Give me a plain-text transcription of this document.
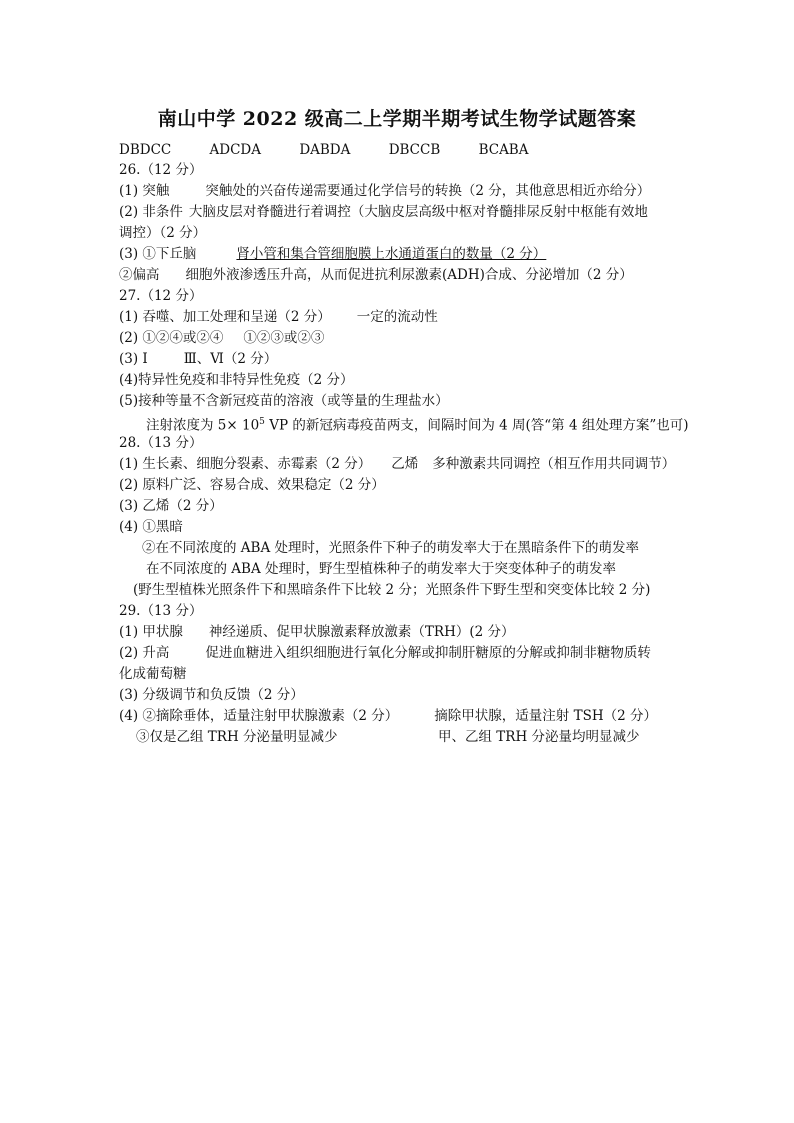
南山中学 2022 级高二上学期半期考试生物学试题答案
DBDCC	ADCDA	DABDA	DBCCB	BCABA
26.（12 分）
(1) 突触	突触处的兴奋传递需要通过化学信号的转换（2 分，其他意思相近亦给分）
(2) 非条件 大脑皮层对脊髓进行着调控（大脑皮层高级中枢对脊髓排尿反射中枢能有效地
调控）（2 分）
(3) ①下丘脑	肾小管和集合管细胞膜上水通道蛋白的数量（2 分）
②偏高 细胞外液渗透压升高，从而促进抗利尿激素(ADH)合成、分泌增加（2 分）
27.（12 分）
(1) 吞噬、加工处理和呈递（2 分） 一定的流动性
(2) ①②④或②④ ①②③或②③
(3) Ⅰ	Ⅲ、Ⅵ（2 分）
(4)特异性免疫和非特异性免疫（2 分）
(5)接种等量不含新冠疫苗的溶液（或等量的生理盐水）
注射浓度为 $5\times 10^5$ VP 的新冠病毒疫苗两支，间隔时间为 4 周(答“第 4 组处理方案”也可)
28.（13 分）
(1) 生长素、细胞分裂素、赤霉素（2 分） 乙烯 多种激素共同调控（相互作用共同调节）
(2) 原料广泛、容易合成、效果稳定（2 分）
(3) 乙烯（2 分）
(4) ①黑暗
②在不同浓度的 ABA 处理时，光照条件下种子的萌发率大于在黑暗条件下的萌发率
在不同浓度的 ABA 处理时，野生型植株种子的萌发率大于突变体种子的萌发率
(野生型植株光照条件下和黑暗条件下比较 2 分；光照条件下野生型和突变体比较 2 分)
29.（13 分）
(1) 甲状腺 神经递质、促甲状腺激素释放激素（TRH）(2 分）
(2) 升高	促进血糖进入组织细胞进行氧化分解或抑制肝糖原的分解或抑制非糖物质转
化成葡萄糖
(3) 分级调节和负反馈（2 分）
(4) ②摘除垂体，适量注射甲状腺激素（2 分）	摘除甲状腺，适量注射 TSH（2 分）
③仅是乙组 TRH 分泌量明显减少	甲、乙组 TRH 分泌量均明显减少
